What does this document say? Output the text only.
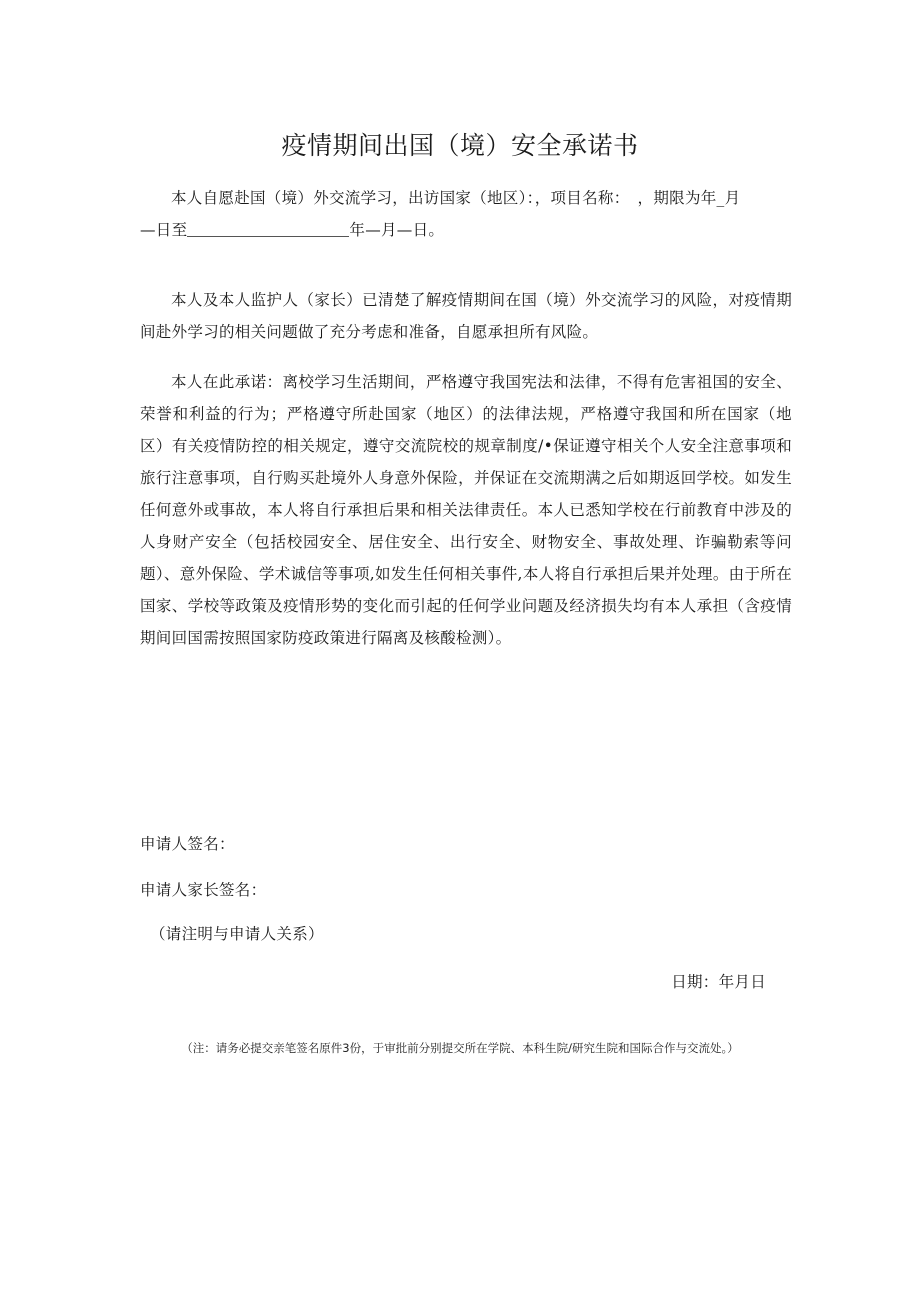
疫情期间出国（境）安全承诺书

本人自愿赴国（境）外交流学习，出访国家（地区）：，项目名称：　，期限为年_月

—日至	年—月—日。

本人及本人监护人（家长）已清楚了解疫情期间在国（境）外交流学习的风险，对疫情期间赴外学习的相关问题做了充分考虑和准备，自愿承担所有风险。

本人在此承诺：离校学习生活期间，严格遵守我国宪法和法律，不得有危害祖国的安全、荣誉和利益的行为；严格遵守所赴国家（地区）的法律法规，严格遵守我国和所在国家（地区）有关疫情防控的相关规定，遵守交流院校的规章制度/•保证遵守相关个人安全注意事项和旅行注意事项，自行购买赴境外人身意外保险，并保证在交流期满之后如期返回学校。如发生任何意外或事故，本人将自行承担后果和相关法律责任。本人已悉知学校在行前教育中涉及的人身财产安全（包括校园安全、居住安全、出行安全、财物安全、事故处理、诈骗勒索等问题）、意外保险、学术诚信等事项,如发生任何相关事件,本人将自行承担后果并处理。由于所在国家、学校等政策及疫情形势的变化而引起的任何学业问题及经济损失均有本人承担（含疫情期间回国需按照国家防疫政策进行隔离及核酸检测）。

申请人签名：
申请人家长签名：
（请注明与申请人关系）
日期：年月日
（注：请务必提交亲笔签名原件3份，于审批前分别提交所在学院、本科生院/研究生院和国际合作与交流处。）
